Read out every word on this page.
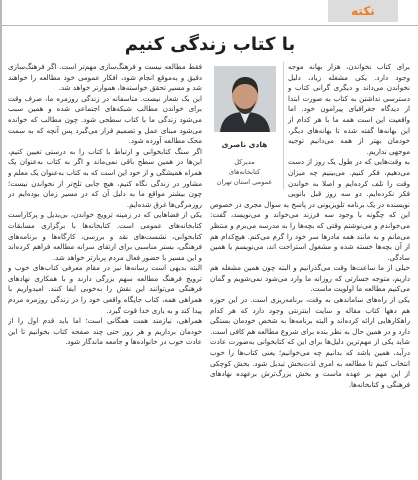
نکته
با کتاب زندگی کنیم
هادی ناصری
مدیرکل
کتابخانه‌های
عمومی استان تهران
برای کتاب نخواندن، هزار بهانه موجه وجود دارد. یکی مشغله زیاد، دلیل نخواندن می‌داند و دیگری گرانی کتاب و دسترسی نداشتن به کتاب به صورت ابتدا از دیدگاه جغرافیای پیرامون خود. اما واقعیت این است همه ما با هر کدام از این بهانه‌ها گفته شده تا بهانه‌های دیگر، خودمان بهتر از همه می‌دانیم توجیه موجهی نداریم.
به وقت‌هایی که در طول یک روز از دست می‌دهیم، فکر کنیم. می‌بینیم چه میزان وقت را تلف کرده‌ایم و اصلا به خواندن فکر نکرده‌ایم. دو سه روز قبل بانویی نویسنده در یک برنامه تلویزیونی در پاسخ به سوال مجری در خصوص این که چگونه با وجود سه فرزند می‌خواند و می‌نویسد، گفت: می‌خواندم و می‌نوشتم وقتی که بچه‌ها را به مدرسه می‌برم و منتظر می‌مانم و به مانند همه مادرها سر خود را گرم می‌کنم. هیچ‌کدام هم از آن بچه‌ها خسته شده و مشغول استراحت اند، می‌نویسم یا همین سادگی.
خیلی از ما ساعت‌ها وقت می‌گذرانیم و البته چون همین مشغله هم داریم، متوجه خسارتی که روزانه ما وارد می‌شود نمی‌شویم و گمان می‌کنیم مطالعه ما اولویت ماست.
یکی از راه‌های ساماندهی به وقت، برنامه‌ریزی است. در این حوزه هم دهها کتاب مقاله و سایت اینترنتی وجود دارد که هر کدام راهکارهایی ارائه کرده‌اند و البته برنامه‌ها به شخص خودمان بستگی دارد و در همین حال به نظر بنده برای شروع مطالعه هم کافی است.
شاید یکی از مهم‌ترین دلیل‌ها برای این که کتابخوانی به‌صورت عادت درآید، همین باشد که بدانیم چه می‌خوانیم؛ یعنی کتاب‌ها را خوب انتخاب کنیم تا مطالعه به امری لذت‌بخش تبدیل شود. بخش کوچکی از این مهم بر عهده ماست و بخش بزرگ‌ترش برعهده نهادهای فرهنگی و کتابخانه‌ها.
فقط مطالعه نیست و فرهنگ‌سازی مهم‌تر است. اگر فرهنگ‌سازی دقیق و به‌موقع انجام شود، افکار عمومی خود مطالعه را خواهند شد و مسیر تحقق خواسته‌ها، هموارتر خواهد شد.
این یک شعار نیست. متاسفانه در زندگی روزمره ما، صرف وقت برای خواندن مطالب شبکه‌های اجتماعی شده و همین سبب می‌شود زندگی ما با کتاب سطحی شود. چون مطالب که خوانده می‌شود مبنای عمل و تصمیم قرار می‌گیرد پس آنچه که به سمت محک مطالعه آورده شود.
اگر سنگ کتابخوانی و ارتباط با کتاب را به درستی تعیین کنیم، این‌ها در همین سطح باقی نمی‌ماند و اگر به کتاب به‌عنوان یک همراه همیشگی و از خود این است که به کتاب به‌عنوان یک معلم و مشاور در زندگی نگاه کنیم، هیچ جایی تلخ‌تر از نخواندن نیست؛ چون بیشتر مواقع ما به دلیل آن که در مسیر زمان بوده‌ایم در روزمرگی‌ها غرق شده‌ایم.
یکی از فضاهایی که در زمینه ترویج خواندن، بی‌بدیل و پرکاراست کتابخانه‌های عمومی است. کتابخانه‌ها با برگزاری مسابقات کتابخوانی، نشست‌های نقد و بررسی، کارگاه‌ها و برنامه‌های فرهنگی، بستر مناسبی برای ارتقای سرانه مطالعه فراهم کرده‌اند و این مسیر با حضور فعال مردم پربارتر خواهد شد.
البته بدیهی است رسانه‌ها نیز در مقام معرفی کتاب‌های خوب و ترویج فرهنگ مطالعه سهم بزرگی دارند و با همکاری نهادهای فرهنگی می‌توانند این نقش را به‌خوبی ایفا کنند. امیدواریم با همراهی همه، کتاب جایگاه واقعی خود را در زندگی روزمره مردم پیدا کند و به یاری خدا قوت گیرد.
همراهی، نیازمند همت همگانی است؛ اما باید قدم اول را از خودمان برداریم و هر روز حتی چند صفحه کتاب بخوانیم تا این عادت خوب در خانواده‌ها و جامعه ماندگار شود.
